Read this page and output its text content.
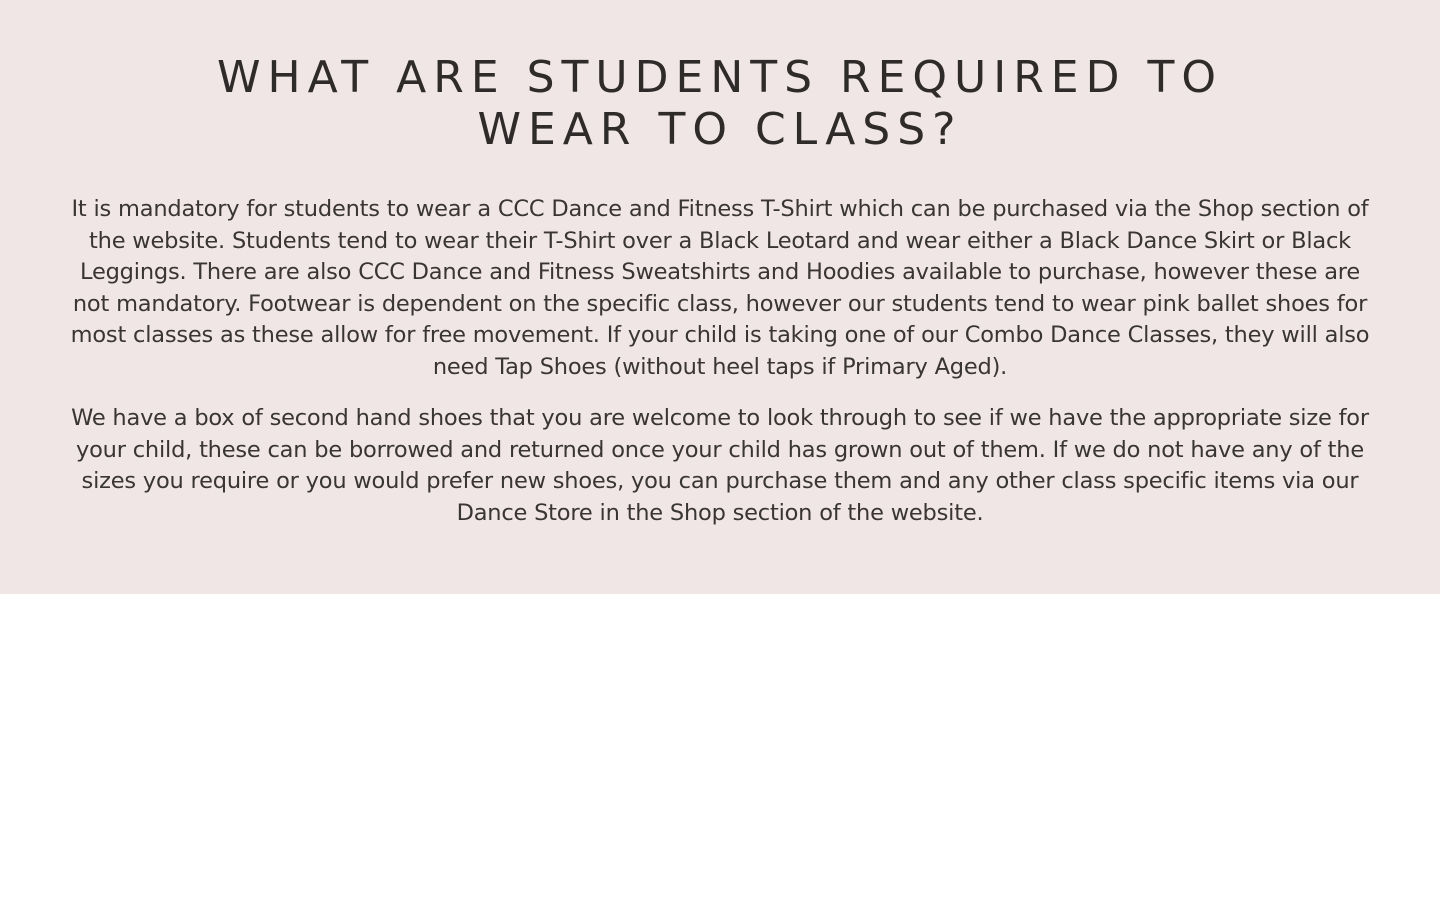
WHAT ARE STUDENTS REQUIRED TO
WEAR TO CLASS?

It is mandatory for students to wear a CCC Dance and Fitness T-Shirt which can be purchased via the Shop section of the website. Students tend to wear their T-Shirt over a Black Leotard and wear either a Black Dance Skirt or Black Leggings. There are also CCC Dance and Fitness Sweatshirts and Hoodies available to purchase, however these are not mandatory. Footwear is dependent on the specific class, however our students tend to wear pink ballet shoes for most classes as these allow for free movement. If your child is taking one of our Combo Dance Classes, they will also need Tap Shoes (without heel taps if Primary Aged).

We have a box of second hand shoes that you are welcome to look through to see if we have the appropriate size for your child, these can be borrowed and returned once your child has grown out of them. If we do not have any of the sizes you require or you would prefer new shoes, you can purchase them and any other class specific items via our Dance Store in the Shop section of the website.
